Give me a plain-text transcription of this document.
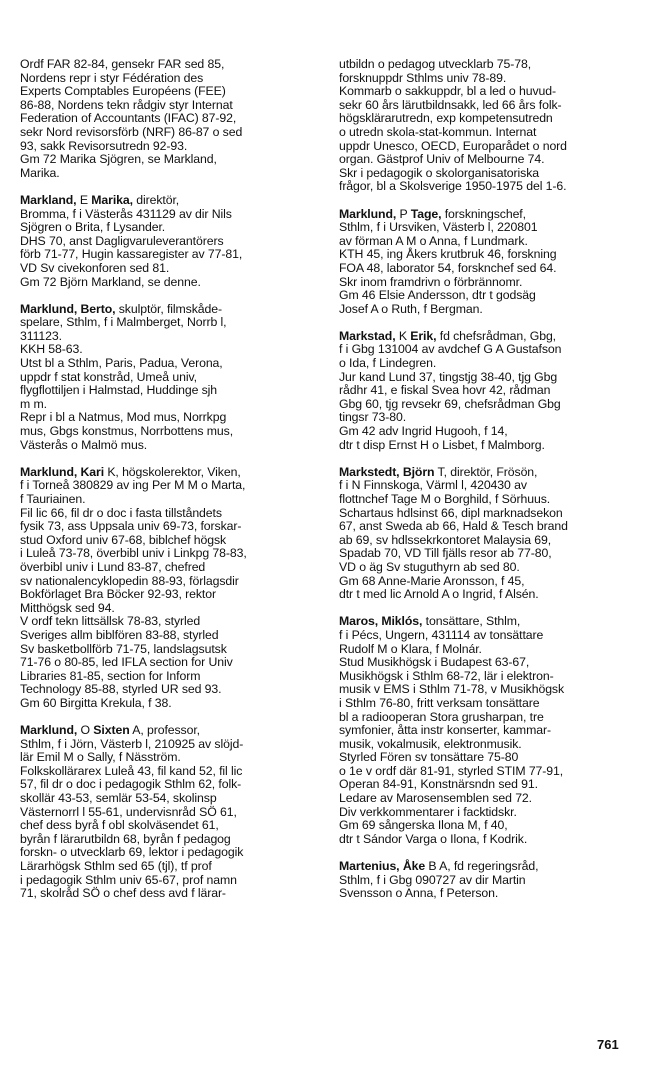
Ordf FAR 82-84, gensekr FAR sed 85,
Nordens repr i styr Fédération des
Experts Comptables Européens (FEE)
86-88, Nordens tekn rådgiv styr Internat
Federation of Accountants (IFAC) 87-92,
sekr Nord revisorsförb (NRF) 86-87 o sed
93, sakk Revisorsutredn 92-93.
Gm 72 Marika Sjögren, se Markland,
Marika.
Markland, E Marika, direktör,
Bromma, f i Västerås 431129 av dir Nils
Sjögren o Brita, f Lysander.
DHS 70, anst Dagligvaruleverantörers
förb 71-77, Hugin kassaregister av 77-81,
VD Sv civekonforen sed 81.
Gm 72 Björn Markland, se denne.
Marklund, Berto, skulptör, filmskåde-
spelare, Sthlm, f i Malmberget, Norrb l,
311123.
KKH 58-63.
Utst bl a Sthlm, Paris, Padua, Verona,
uppdr f stat konstråd, Umeå univ,
flygflottiljen i Halmstad, Huddinge sjh
m m.
Repr i bl a Natmus, Mod mus, Norrkpg
mus, Gbgs konstmus, Norrbottens mus,
Västerås o Malmö mus.
Marklund, Kari K, högskolerektor, Viken,
f i Torneå 380829 av ing Per M M o Marta,
f Tauriainen.
Fil lic 66, fil dr o doc i fasta tillståndets
fysik 73, ass Uppsala univ 69-73, forskar-
stud Oxford univ 67-68, biblchef högsk
i Luleå 73-78, överbibl univ i Linkpg 78-83,
överbibl univ i Lund 83-87, chefred
sv nationalencyklopedin 88-93, förlagsdir
Bokförlaget Bra Böcker 92-93, rektor
Mitthögsk sed 94.
V ordf tekn littsällsk 78-83, styrled
Sveriges allm biblfören 83-88, styrled
Sv basketbollförb 71-75, landslagsutsk
71-76 o 80-85, led IFLA section for Univ
Libraries 81-85, section for Inform
Technology 85-88, styrled UR sed 93.
Gm 60 Birgitta Krekula, f 38.
Marklund, O Sixten A, professor,
Sthlm, f i Jörn, Västerb l, 210925 av slöjd-
lär Emil M o Sally, f Näsström.
Folkskollärarex Luleå 43, fil kand 52, fil lic
57, fil dr o doc i pedagogik Sthlm 62, folk-
skollär 43-53, semlär 53-54, skolinsp
Västernorrl l 55-61, undervisnråd SÖ 61,
chef dess byrå f obl skolväsendet 61,
byrån f lärarutbildn 68, byrån f pedagog
forskn- o utvecklarb 69, lektor i pedagogik
Lärarhögsk Sthlm sed 65 (tjl), tf prof
i pedagogik Sthlm univ 65-67, prof namn
71, skolråd SÖ o chef dess avd f lärar-
utbildn o pedagog utvecklarb 75-78,
forsknuppdr Sthlms univ 78-89.
Kommarb o sakkuppdr, bl a led o huvud-
sekr 60 års lärutbildnsakk, led 66 års folk-
högsklärarutredn, exp kompetensutredn
o utredn skola-stat-kommun. Internat
uppdr Unesco, OECD, Europarådet o nord
organ. Gästprof Univ of Melbourne 74.
Skr i pedagogik o skolorganisatoriska
frågor, bl a Skolsverige 1950-1975 del 1-6.
Marklund, P Tage, forskningschef,
Sthlm, f i Ursviken, Västerb l, 220801
av förman A M o Anna, f Lundmark.
KTH 45, ing Åkers krutbruk 46, forskning
FOA 48, laborator 54, forsknchef sed 64.
Skr inom framdrivn o förbrännomr.
Gm 46 Elsie Andersson, dtr t godsäg
Josef A o Ruth, f Bergman.
Markstad, K Erik, fd chefsrådman, Gbg,
f i Gbg 131004 av avdchef G A Gustafson
o Ida, f Lindegren.
Jur kand Lund 37, tingstjg 38-40, tjg Gbg
rådhr 41, e fiskal Svea hovr 42, rådman
Gbg 60, tjg revsekr 69, chefsrådman Gbg
tingsr 73-80.
Gm 42 adv Ingrid Hugooh, f 14,
dtr t disp Ernst H o Lisbet, f Malmborg.
Markstedt, Björn T, direktör, Frösön,
f i N Finnskoga, Värml l, 420430 av
flottnchef Tage M o Borghild, f Sörhuus.
Schartaus hdlsinst 66, dipl marknadsekon
67, anst Sweda ab 66, Hald & Tesch brand
ab 69, sv hdlssekrkontoret Malaysia 69,
Spadab 70, VD Till fjälls resor ab 77-80,
VD o äg Sv stuguthyrn ab sed 80.
Gm 68 Anne-Marie Aronsson, f 45,
dtr t med lic Arnold A o Ingrid, f Alsén.
Maros, Miklós, tonsättare, Sthlm,
f i Pécs, Ungern, 431114 av tonsättare
Rudolf M o Klara, f Molnár.
Stud Musikhögsk i Budapest 63-67,
Musikhögsk i Sthlm 68-72, lär i elektron-
musik v EMS i Sthlm 71-78, v Musikhögsk
i Sthlm 76-80, fritt verksam tonsättare
bl a radiooperan Stora grusharpan, tre
symfonier, åtta instr konserter, kammar-
musik, vokalmusik, elektronmusik.
Styrled Fören sv tonsättare 75-80
o 1e v ordf där 81-91, styrled STIM 77-91,
Operan 84-91, Konstnärsndn sed 91.
Ledare av Marosensemblen sed 72.
Div verkkommentarer i facktidskr.
Gm 69 sångerska Ilona M, f 40,
dtr t Sándor Varga o Ilona, f Kodrik.
Martenius, Åke B A, fd regeringsråd,
Sthlm, f i Gbg 090727 av dir Martin
Svensson o Anna, f Peterson.
761
